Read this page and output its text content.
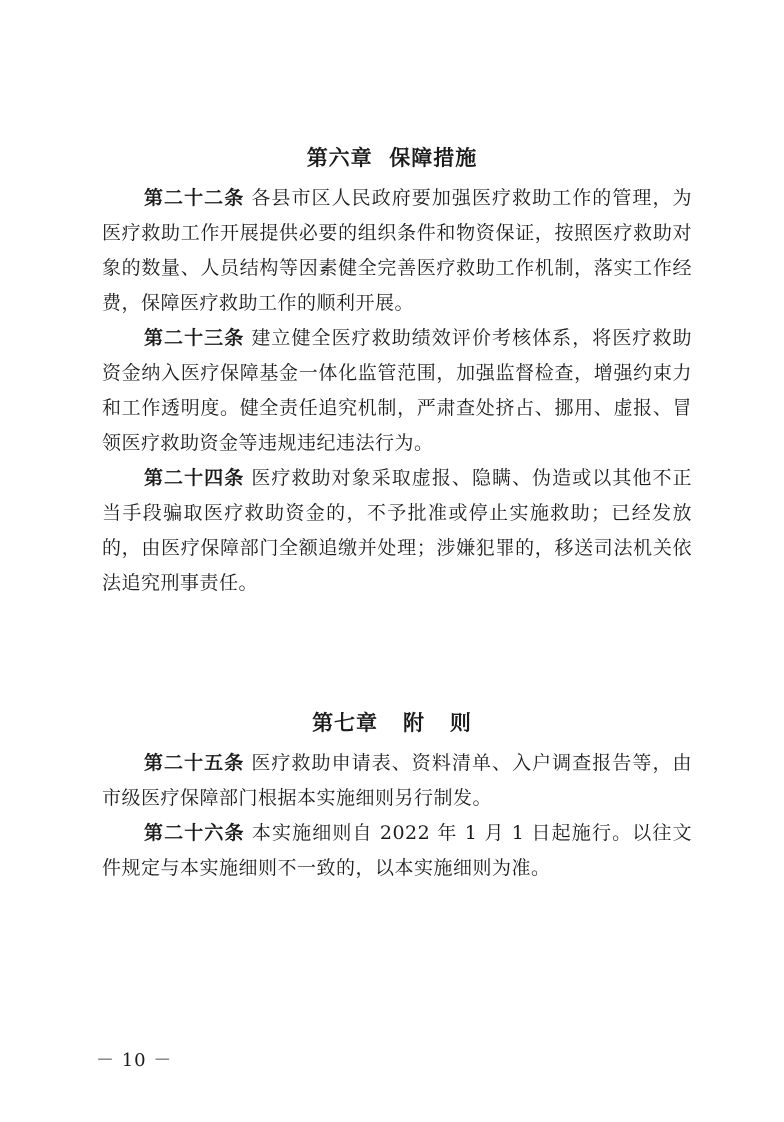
第六章  保障措施

第二十二条 各县市区人民政府要加强医疗救助工作的管理，为医疗救助工作开展提供必要的组织条件和物资保证，按照医疗救助对象的数量、人员结构等因素健全完善医疗救助工作机制，落实工作经费，保障医疗救助工作的顺利开展。

第二十三条 建立健全医疗救助绩效评价考核体系，将医疗救助资金纳入医疗保障基金一体化监管范围，加强监督检查，增强约束力和工作透明度。健全责任追究机制，严肃查处挤占、挪用、虚报、冒领医疗救助资金等违规违纪违法行为。

第二十四条 医疗救助对象采取虚报、隐瞒、伪造或以其他不正当手段骗取医疗救助资金的，不予批准或停止实施救助；已经发放的，由医疗保障部门全额追缴并处理；涉嫌犯罪的，移送司法机关依法追究刑事责任。

第七章   附   则

第二十五条 医疗救助申请表、资料清单、入户调查报告等，由市级医疗保障部门根据本实施细则另行制发。

第二十六条 本实施细则自 2022 年 1 月 1 日起施行。以往文件规定与本实施细则不一致的，以本实施细则为准。

－ 10 －
